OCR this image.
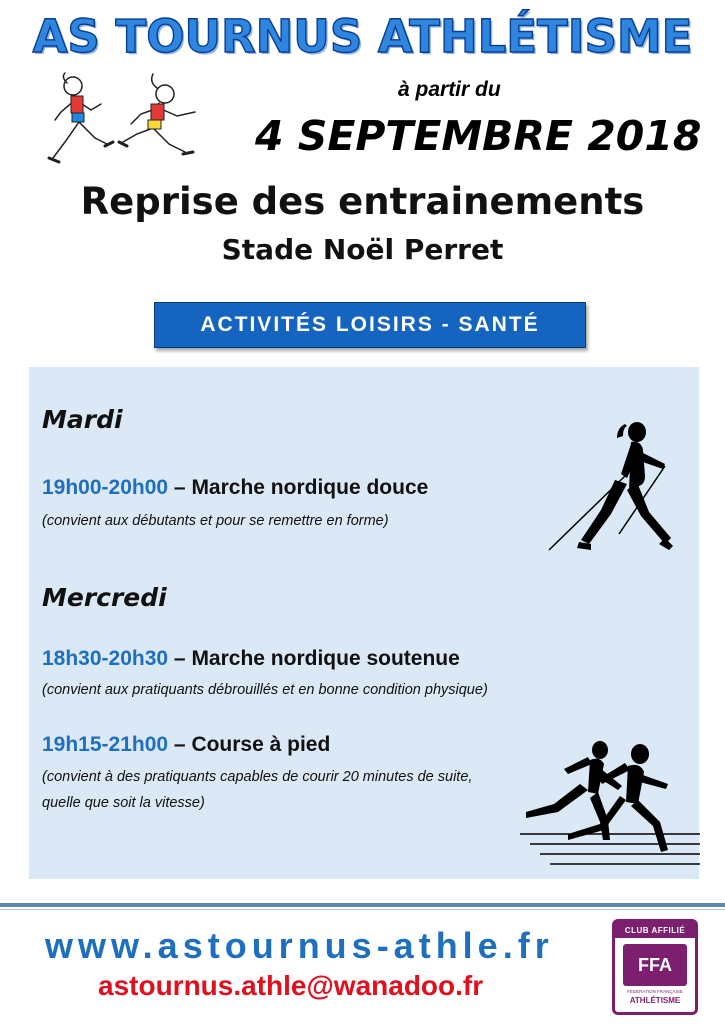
AS TOURNUS ATHLÉTISME
à partir du
4 SEPTEMBRE 2018
Reprise des entrainements
Stade Noël Perret
ACTIVITÉS LOISIRS - SANTÉ
Mardi
19h00-20h00 – Marche nordique douce
(convient aux débutants et pour se remettre en forme)
Mercredi
18h30-20h30 – Marche nordique soutenue
(convient aux pratiquants débrouillés et en bonne condition physique)
19h15-21h00 – Course à pied
(convient à des pratiquants capables de courir 20 minutes de suite,
quelle que soit la vitesse)
www.astournus-athle.fr
astournus.athle@wanadoo.fr
CLUB AFFILIÉ
FFA
FÉDÉRATION FRANÇAISE
ATHLÉTISME
